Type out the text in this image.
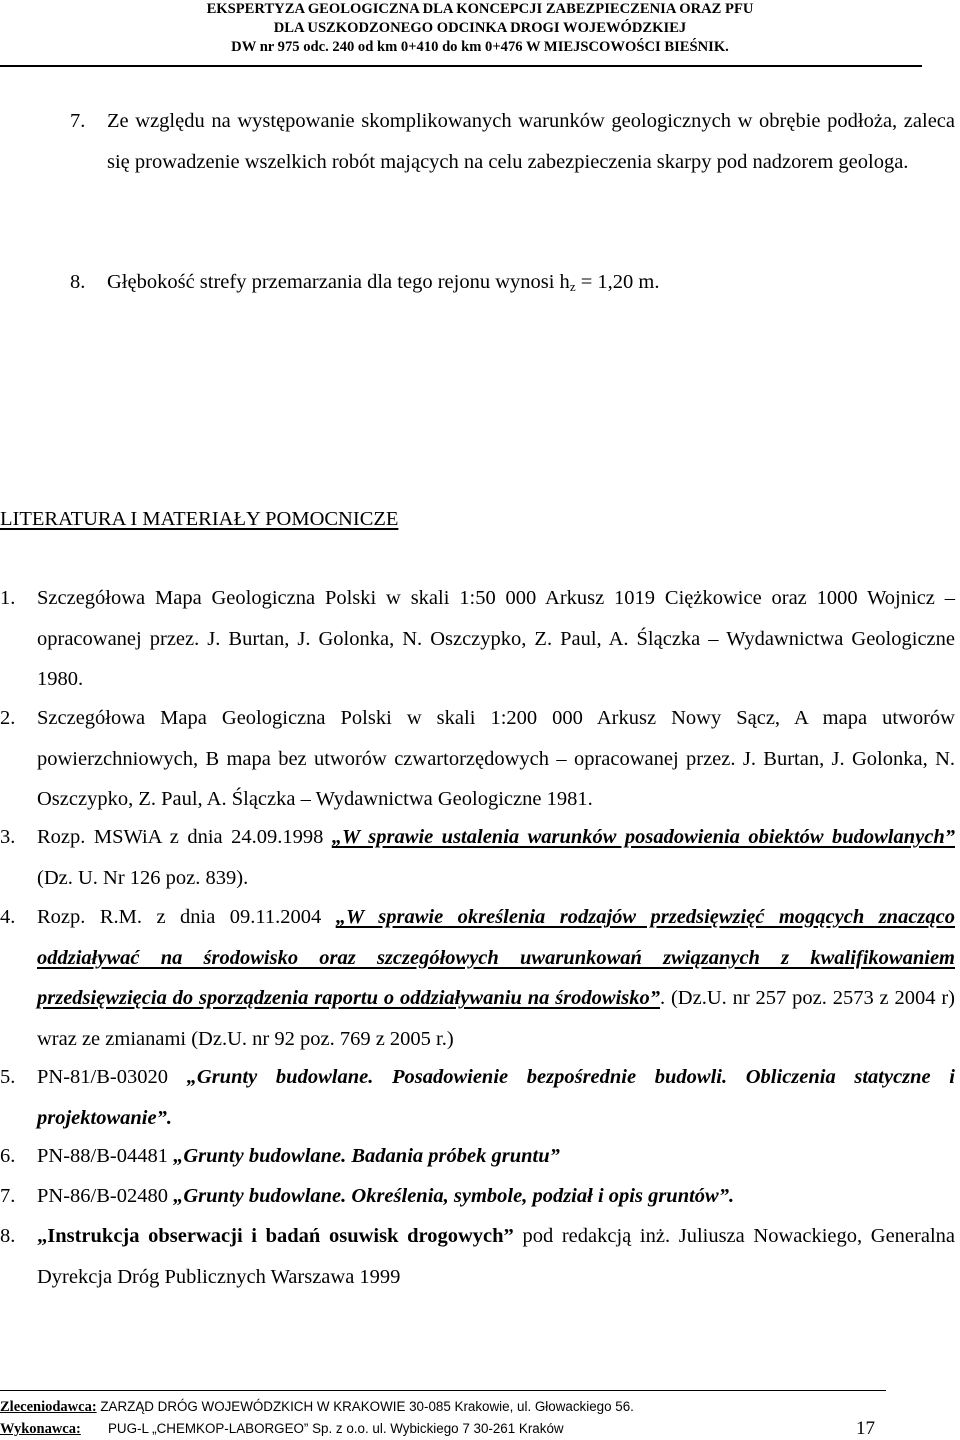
EKSPERTYZA GEOLOGICZNA DLA KONCEPCJI ZABEZPIECZENIA ORAZ PFU
DLA USZKODZONEGO ODCINKA DROGI WOJEWÓDZKIEJ
DW nr 975 odc. 240 od km 0+410 do km 0+476 W MIEJSCOWOŚCI BIEŚNIK.
7. Ze względu na występowanie skomplikowanych warunków geologicznych w obrębie podłoża, zaleca się prowadzenie wszelkich robót mających na celu zabezpieczenia skarpy pod nadzorem geologa.

8. Głębokość strefy przemarzania dla tego rejonu wynosi $h_z = 1,20$ m.

LITERATURA I MATERIAŁY POMOCNICZE
1. Szczegółowa Mapa Geologiczna Polski w skali 1:50 000 Arkusz 1019 Ciężkowice oraz 1000 Wojnicz – opracowanej przez. J. Burtan, J. Golonka, N. Oszczypko, Z. Paul, A. Ślączka – Wydawnictwa Geologiczne 1980.

2. Szczegółowa Mapa Geologiczna Polski w skali 1:200 000 Arkusz Nowy Sącz, A mapa utworów powierzchniowych, B mapa bez utworów czwartorzędowych – opracowanej przez. J. Burtan, J. Golonka, N. Oszczypko, Z. Paul, A. Ślączka – Wydawnictwa Geologiczne 1981.

3. Rozp. MSWiA z dnia 24.09.1998 „W sprawie ustalenia warunków posadowienia obiektów budowlanych” (Dz. U. Nr 126 poz. 839).

4. Rozp. R.M. z dnia 09.11.2004 „W sprawie określenia rodzajów przedsięwzięć mogących znacząco oddziaływać na środowisko oraz szczegółowych uwarunkowań związanych z kwalifikowaniem przedsięwzięcia do sporządzenia raportu o oddziaływaniu na środowisko”. (Dz.U. nr 257 poz. 2573 z 2004 r) wraz ze zmianami (Dz.U. nr 92 poz. 769 z 2005 r.)

5. PN-81/B-03020 „Grunty budowlane. Posadowienie bezpośrednie budowli. Obliczenia statyczne i projektowanie”.

6. PN-88/B-04481 „Grunty budowlane. Badania próbek gruntu”

7. PN-86/B-02480 „Grunty budowlane. Określenia, symbole, podział i opis gruntów”.

8. „Instrukcja obserwacji i badań osuwisk drogowych” pod redakcją inż. Juliusza Nowackiego, Generalna Dyrekcja Dróg Publicznych Warszawa 1999

Zleceniodawca: ZARZĄD DRÓG WOJEWÓDZKICH W KRAKOWIE 30-085 Krakowie, ul. Głowackiego 56.
Wykonawca: PUG-L „CHEMKOP-LABORGEO” Sp. z o.o. ul. Wybickiego 7 30-261 Kraków	17
